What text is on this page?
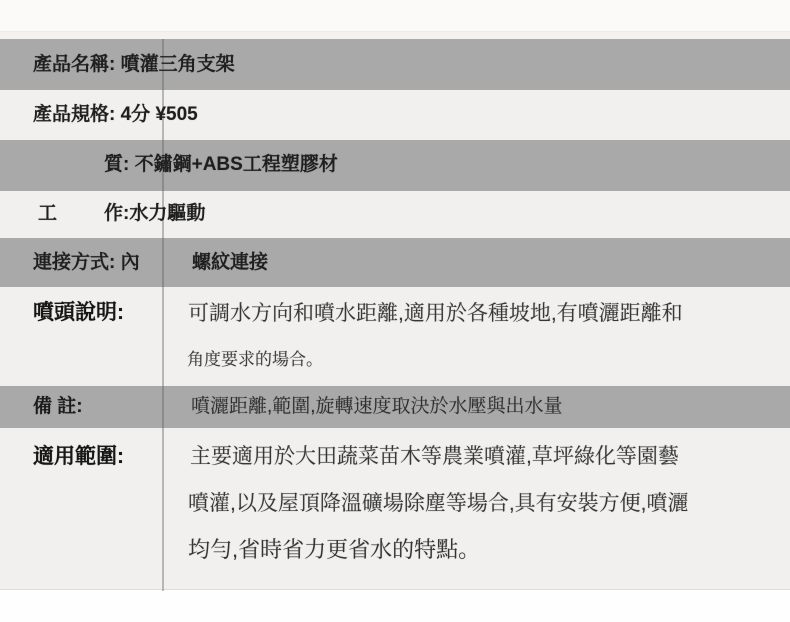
產品名稱: 噴灌三角支架
產品規格: 4分 ¥505
質: 不鏽鋼+ABS工程塑膠材
工 作:水力驅動
連接方式: 內	螺紋連接
噴頭說明:	可調水方向和噴水距離,適用於各種坡地,有噴灑距離和
角度要求的場合。
備 註:	噴灑距離,範圍,旋轉速度取決於水壓與出水量
適用範圍:	主要適用於大田蔬菜苗木等農業噴灌,草坪綠化等園藝
噴灌,以及屋頂降溫礦場除塵等場合,具有安裝方便,噴灑
均勻,省時省力更省水的特點。
